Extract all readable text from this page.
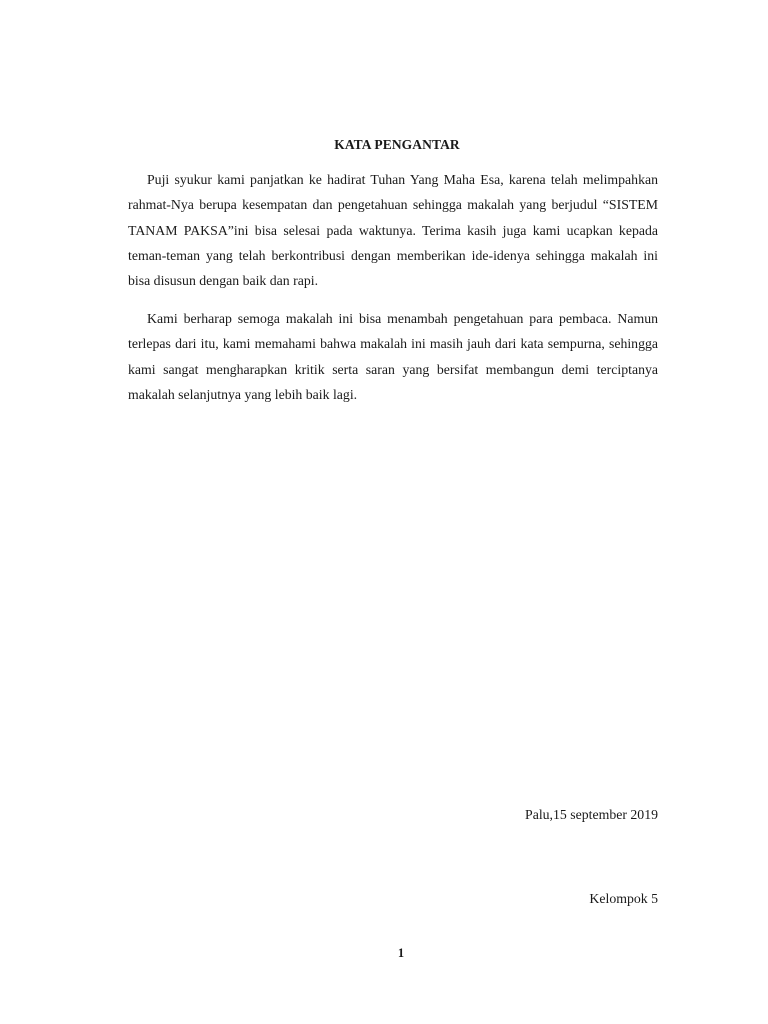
KATA PENGANTAR

Puji syukur kami panjatkan ke hadirat Tuhan Yang Maha Esa, karena telah melimpahkan rahmat-Nya berupa kesempatan dan pengetahuan sehingga makalah yang berjudul “SISTEM TANAM PAKSA”ini bisa selesai pada waktunya. Terima kasih juga kami ucapkan kepada teman-teman yang telah berkontribusi dengan memberikan ide-idenya sehingga makalah ini bisa disusun dengan baik dan rapi.

Kami berharap semoga makalah ini bisa menambah pengetahuan para pembaca. Namun terlepas dari itu, kami memahami bahwa makalah ini masih jauh dari kata sempurna, sehingga kami sangat mengharapkan kritik serta saran yang bersifat membangun demi terciptanya makalah selanjutnya yang lebih baik lagi.

Palu,15 september 2019
Kelompok 5
1
